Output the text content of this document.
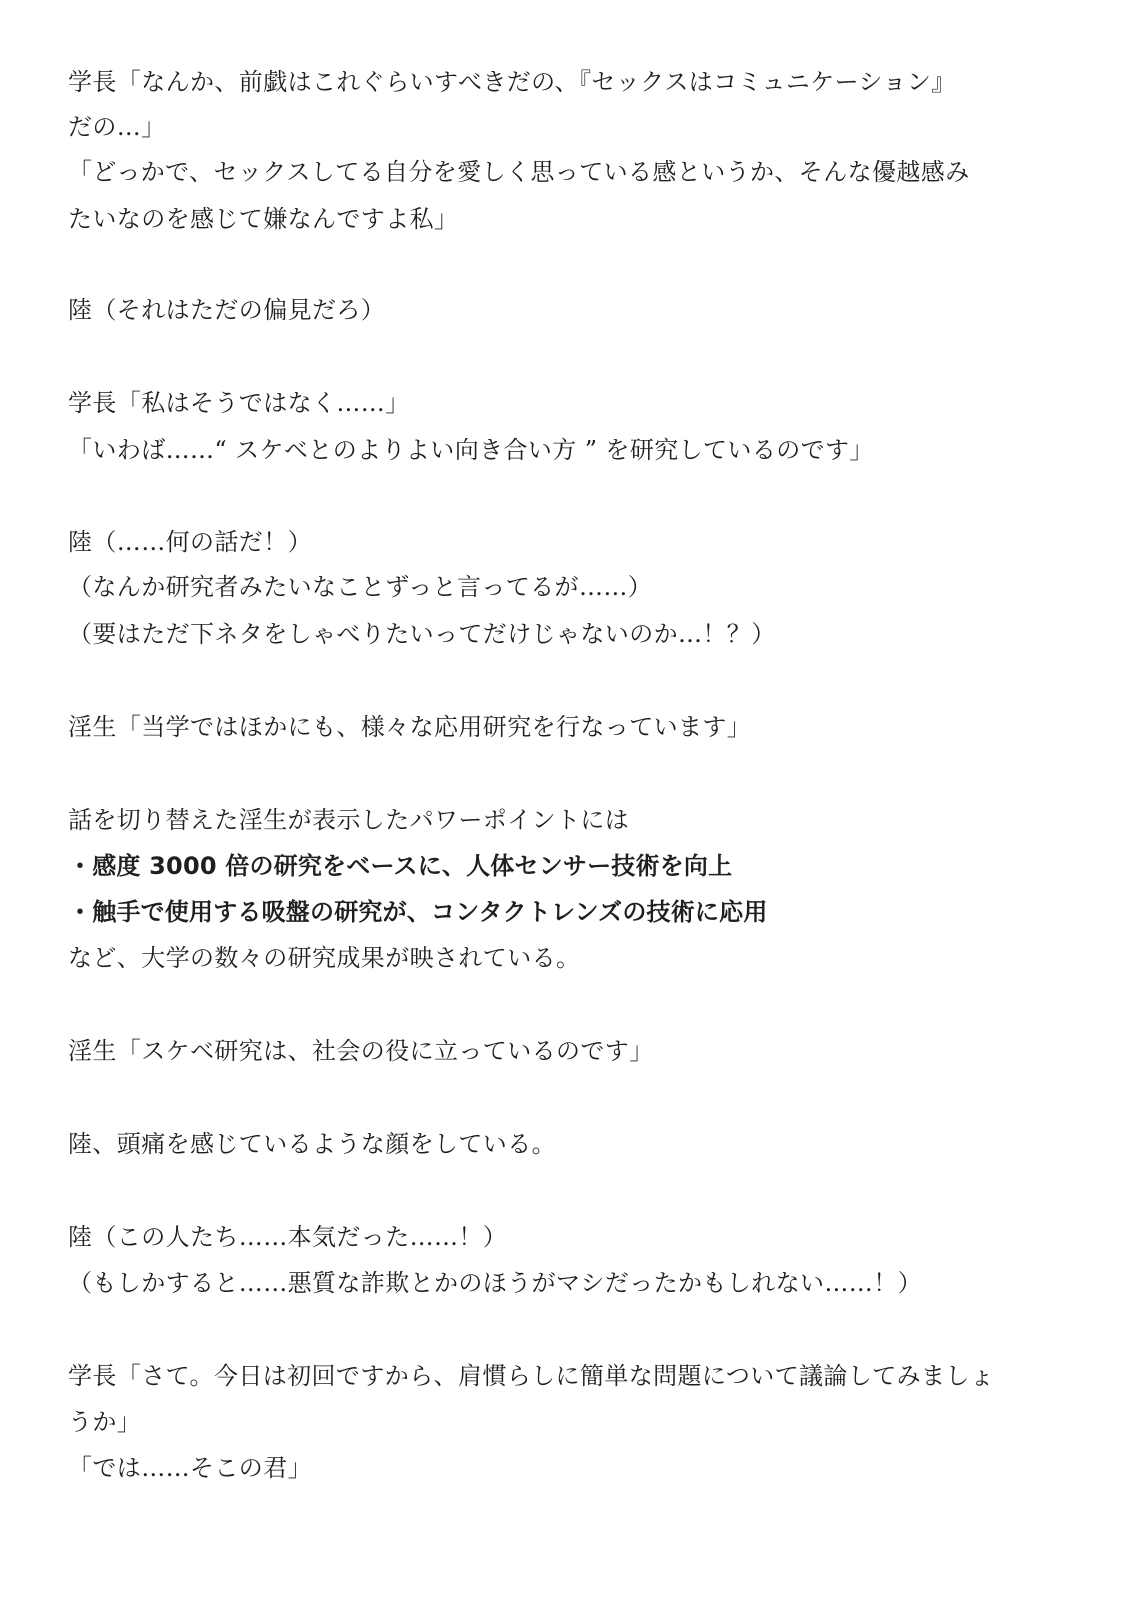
学長「なんか、前戯はこれぐらいすべきだの、『セックスはコミュニケーション』

だの…」

「どっかで、セックスしてる自分を愛しく思っている感というか、そんな優越感み

たいなのを感じて嫌なんですよ私」

陸（それはただの偏見だろ）

学長「私はそうではなく……」

「いわば……“ スケベとのよりよい向き合い方 ” を研究しているのです」

陸（……何の話だ！）

（なんか研究者みたいなことずっと言ってるが……）

（要はただ下ネタをしゃべりたいってだけじゃないのか…！？）

淫生「当学ではほかにも、様々な応用研究を行なっています」

話を切り替えた淫生が表示したパワーポイントには

・感度 3000 倍の研究をベースに、人体センサー技術を向上

・触手で使用する吸盤の研究が、コンタクトレンズの技術に応用

など、大学の数々の研究成果が映されている。

淫生「スケベ研究は、社会の役に立っているのです」

陸、頭痛を感じているような顔をしている。

陸（この人たち……本気だった……！）

（もしかすると……悪質な詐欺とかのほうがマシだったかもしれない……！）

学長「さて。今日は初回ですから、肩慣らしに簡単な問題について議論してみましょ

うか」

「では……そこの君」
